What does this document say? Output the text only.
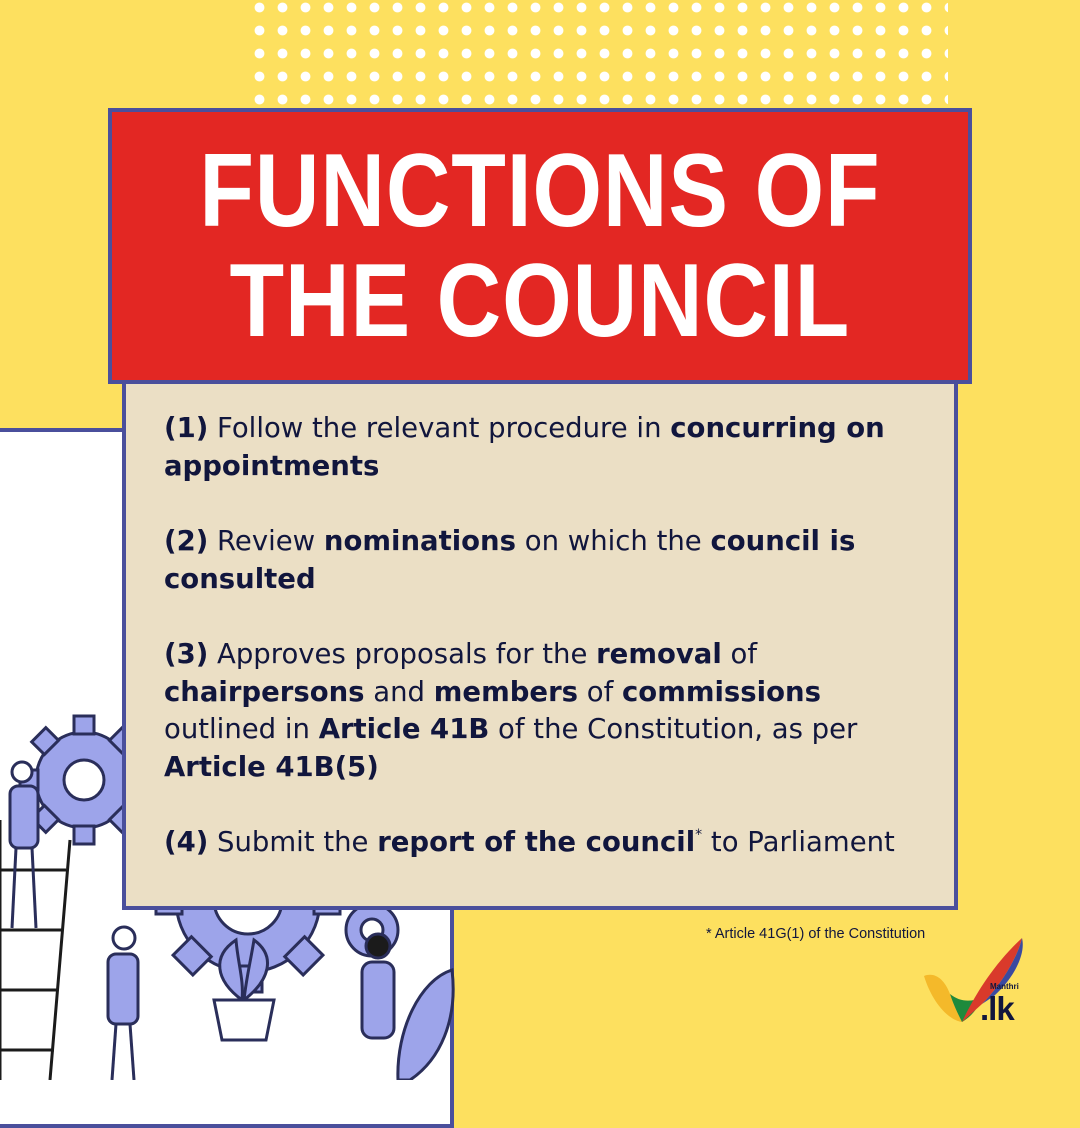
(1) Follow the relevant procedure in concurring on appointments

(2) Review nominations on which the council is consulted

(3) Approves proposals for the removal of chairpersons and members of commissions outlined in Article 41B of the Constitution, as per Article 41B(5)

(4) Submit the report of the council* to Parliament

FUNCTIONS OF
THE COUNCIL
* Article 41G(1) of the Constitution
Manthri
.lk
